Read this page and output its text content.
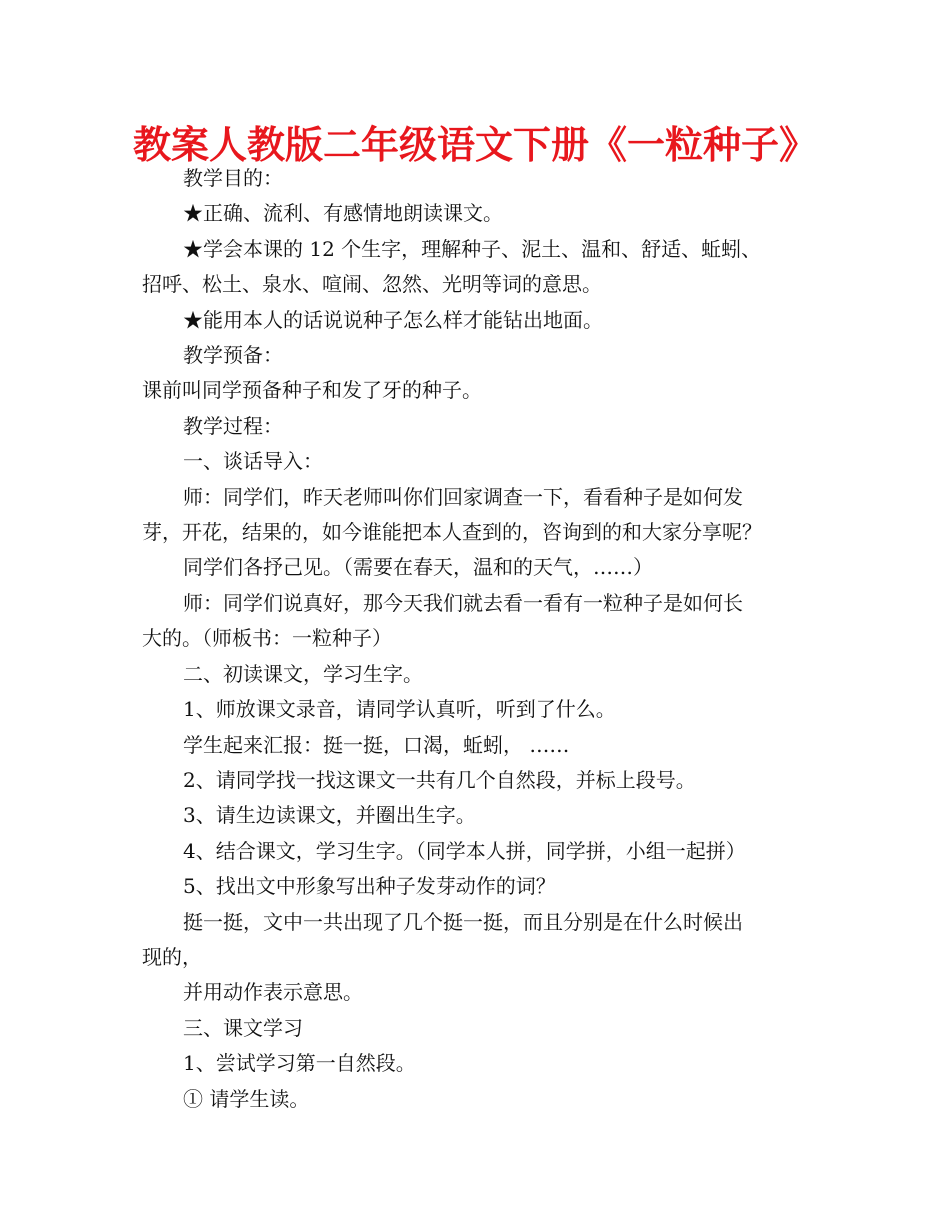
教案人教版二年级语文下册《一粒种子》

教学目的：

★正确、流利、有感情地朗读课文。

★学会本课的 12 个生字，理解种子、泥土、温和、舒适、蚯蚓、

招呼、松土、泉水、喧闹、忽然、光明等词的意思。

★能用本人的话说说种子怎么样才能钻出地面。

教学预备：

课前叫同学预备种子和发了牙的种子。

教学过程：

一、谈话导入：

师：同学们，昨天老师叫你们回家调查一下，看看种子是如何发

芽，开花，结果的，如今谁能把本人查到的，咨询到的和大家分享呢？

同学们各抒己见。（需要在春天，温和的天气，……）

师：同学们说真好，那今天我们就去看一看有一粒种子是如何长

大的。（师板书：一粒种子）

二、初读课文，学习生字。

1、师放课文录音，请同学认真听，听到了什么。

学生起来汇报：挺一挺，口渴，蚯蚓， ……

2、请同学找一找这课文一共有几个自然段，并标上段号。

3、请生边读课文，并圈出生字。

4、结合课文，学习生字。（同学本人拼，同学拼，小组一起拼）

5、找出文中形象写出种子发芽动作的词？

挺一挺，文中一共出现了几个挺一挺，而且分别是在什么时候出

现的，

并用动作表示意思。

三、课文学习

1、尝试学习第一自然段。

① 请学生读。
